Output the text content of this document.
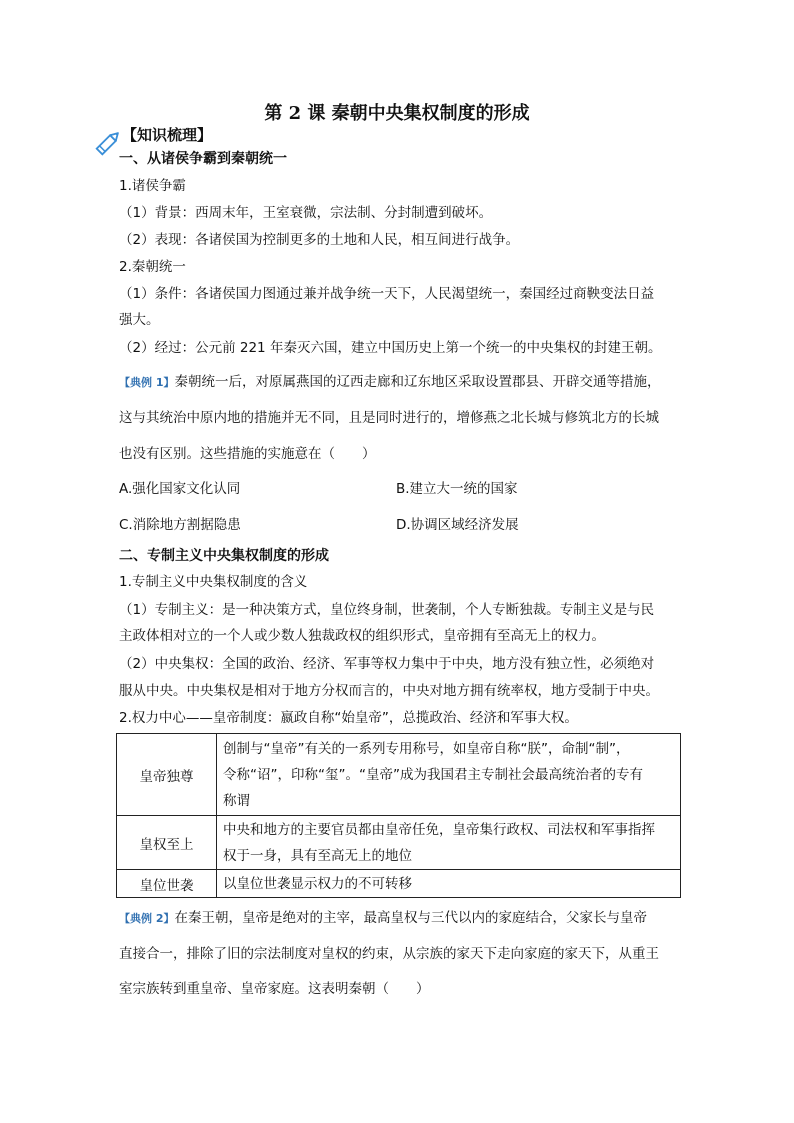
第 2 课 秦朝中央集权制度的形成
【知识梳理】
一、从诸侯争霸到秦朝统一
1.诸侯争霸
（1）背景：西周末年，王室衰微，宗法制、分封制遭到破坏。
（2）表现：各诸侯国为控制更多的土地和人民，相互间进行战争。
2.秦朝统一
（1）条件：各诸侯国力图通过兼并战争统一天下，人民渴望统一，秦国经过商鞅变法日益
强大。
（2）经过：公元前 221 年秦灭六国，建立中国历史上第一个统一的中央集权的封建王朝。
【典例 1】秦朝统一后，对原属燕国的辽西走廊和辽东地区采取设置郡县、开辟交通等措施，
这与其统治中原内地的措施并无不同，且是同时进行的，增修燕之北长城与修筑北方的长城
也没有区别。这些措施的实施意在（　　）
A.强化国家文化认同	B.建立大一统的国家
C.消除地方割据隐患	D.协调区域经济发展
二、专制主义中央集权制度的形成
1.专制主义中央集权制度的含义
（1）专制主义：是一种决策方式，皇位终身制，世袭制，个人专断独裁。专制主义是与民
主政体相对立的一个人或少数人独裁政权的组织形式，皇帝拥有至高无上的权力。
（2）中央集权：全国的政治、经济、军事等权力集中于中央，地方没有独立性，必须绝对
服从中央。中央集权是相对于地方分权而言的，中央对地方拥有统率权，地方受制于中央。
2.权力中心——皇帝制度：嬴政自称“始皇帝”，总揽政治、经济和军事大权。
皇帝独尊	创制与“皇帝”有关的一系列专用称号，如皇帝自称“朕”，命制“制”，
令称“诏”，印称“玺”。“皇帝”成为我国君主专制社会最高统治者的专有
称谓

皇权至上	中央和地方的主要官员都由皇帝任免，皇帝集行政权、司法权和军事指挥
权于一身，具有至高无上的地位

皇位世袭	以皇位世袭显示权力的不可转移
【典例 2】在秦王朝，皇帝是绝对的主宰，最高皇权与三代以内的家庭结合，父家长与皇帝
直接合一，排除了旧的宗法制度对皇权的约束，从宗族的家天下走向家庭的家天下，从重王
室宗族转到重皇帝、皇帝家庭。这表明秦朝（　　）
